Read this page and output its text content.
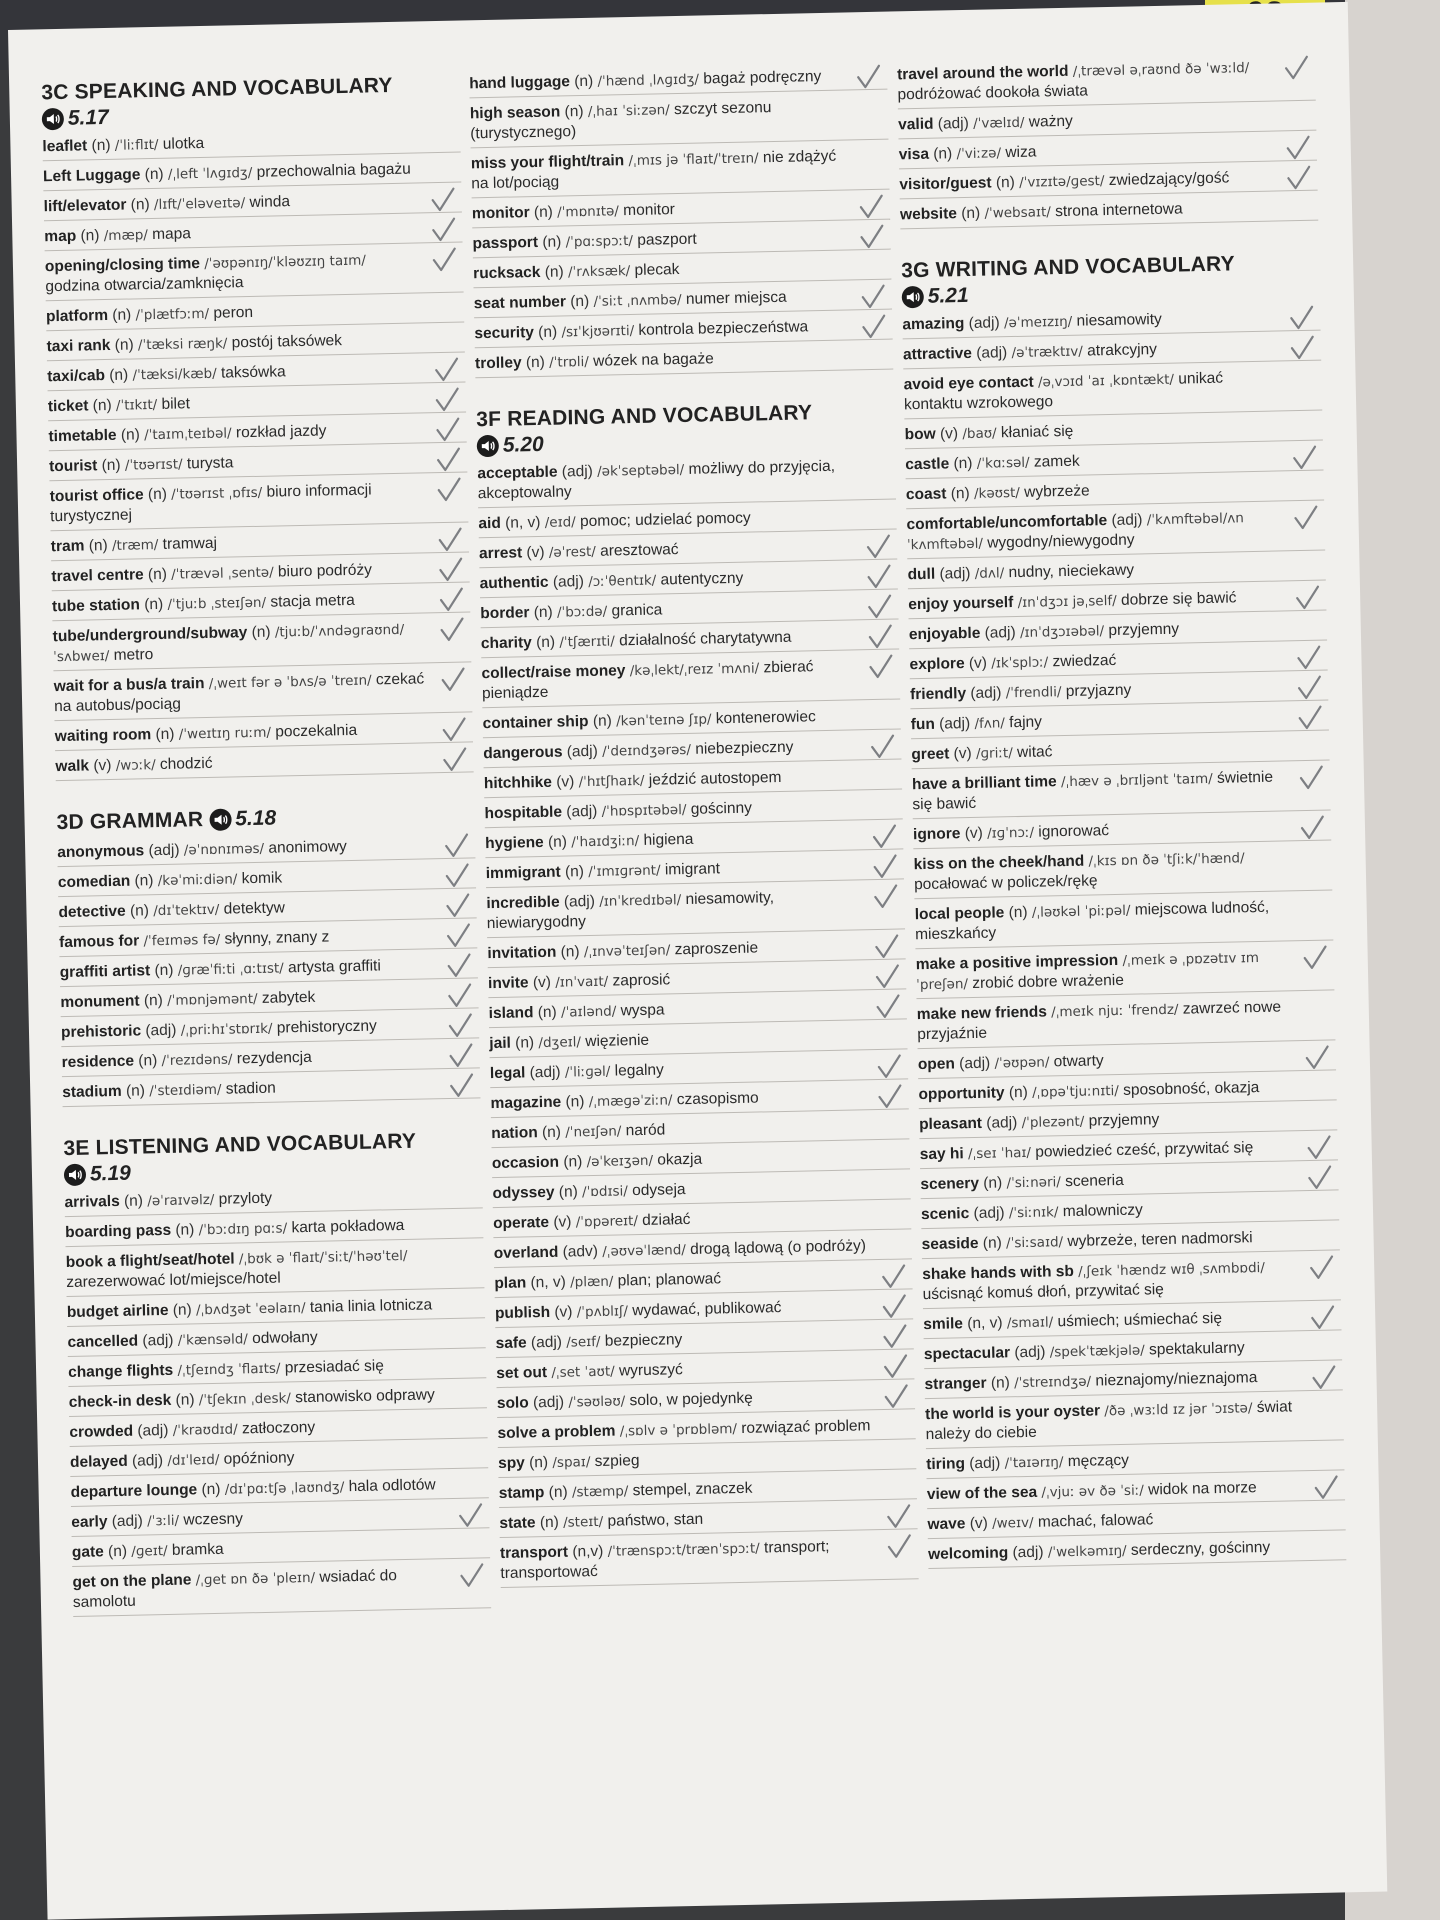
3C SPEAKING AND VOCABULARY
5.17
leaflet (n) /ˈliːflɪt/ ulotka
Left Luggage (n) /ˌleft ˈlʌɡɪdʒ/ przechowalnia bagażu
lift/elevator (n) /lɪft/ˈeləveɪtə/ winda
map (n) /mæp/ mapa
opening/closing time /ˈəʊpənɪŋ/ˈkləʊzɪŋ taɪm/ godzina otwarcia/zamknięcia
platform (n) /ˈplætfɔːm/ peron
taxi rank (n) /ˈtæksi ræŋk/ postój taksówek
taxi/cab (n) /ˈtæksi/kæb/ taksówka
ticket (n) /ˈtɪkɪt/ bilet
timetable (n) /ˈtaɪmˌteɪbəl/ rozkład jazdy
tourist (n) /ˈtʊərɪst/ turysta
tourist office (n) /ˈtʊərɪst ˌɒfɪs/ biuro informacji turystycznej
tram (n) /træm/ tramwaj
travel centre (n) /ˈtrævəl ˌsentə/ biuro podróży
tube station (n) /ˈtjuːb ˌsteɪʃən/ stacja metra
tube/underground/subway (n) /tjuːb/ˈʌndəɡraʊnd/ˈsʌbweɪ/ metro
wait for a bus/a train /ˌweɪt fər ə ˈbʌs/ə ˈtreɪn/ czekać na autobus/pociąg
waiting room (n) /ˈweɪtɪŋ ruːm/ poczekalnia
walk (v) /wɔːk/ chodzić
3D GRAMMAR 5.18
anonymous (adj) /əˈnɒnɪməs/ anonimowy
comedian (n) /kəˈmiːdiən/ komik
detective (n) /dɪˈtektɪv/ detektyw
famous for /ˈfeɪməs fə/ słynny, znany z
graffiti artist (n) /ɡræˈfiːti ˌɑːtɪst/ artysta graffiti
monument (n) /ˈmɒnjəmənt/ zabytek
prehistoric (adj) /ˌpriːhɪˈstɒrɪk/ prehistoryczny
residence (n) /ˈrezɪdəns/ rezydencja
stadium (n) /ˈsteɪdiəm/ stadion
3E LISTENING AND VOCABULARY
5.19
arrivals (n) /əˈraɪvəlz/ przyloty
boarding pass (n) /ˈbɔːdɪŋ pɑːs/ karta pokładowa
book a flight/seat/hotel /ˌbʊk ə ˈflaɪt/ˈsiːt/ˈhəʊˈtel/ zarezerwować lot/miejsce/hotel
budget airline (n) /ˌbʌdʒət ˈeəlaɪn/ tania linia lotnicza
cancelled (adj) /ˈkænsəld/ odwołany
change flights /ˌtʃeɪndʒ ˈflaɪts/ przesiadać się
check-in desk (n) /ˈtʃekɪn ˌdesk/ stanowisko odprawy
crowded (adj) /ˈkraʊdɪd/ zatłoczony
delayed (adj) /dɪˈleɪd/ opóźniony
departure lounge (n) /dɪˈpɑːtʃə ˌlaʊndʒ/ hala odlotów
early (adj) /ˈɜːli/ wczesny
gate (n) /ɡeɪt/ bramka
get on the plane /ˌɡet ɒn ðə ˈpleɪn/ wsiadać do samolotu
hand luggage (n) /ˈhænd ˌlʌɡɪdʒ/ bagaż podręczny
high season (n) /ˌhaɪ ˈsiːzən/ szczyt sezonu (turystycznego)
miss your flight/train /ˌmɪs jə ˈflaɪt/ˈtreɪn/ nie zdążyć na lot/pociąg
monitor (n) /ˈmɒnɪtə/ monitor
passport (n) /ˈpɑːspɔːt/ paszport
rucksack (n) /ˈrʌksæk/ plecak
seat number (n) /ˈsiːt ˌnʌmbə/ numer miejsca
security (n) /sɪˈkjʊərɪti/ kontrola bezpieczeństwa
trolley (n) /ˈtrɒli/ wózek na bagaże
3F READING AND VOCABULARY
5.20
acceptable (adj) /əkˈseptəbəl/ możliwy do przyjęcia, akceptowalny
aid (n, v) /eɪd/ pomoc; udzielać pomocy
arrest (v) /əˈrest/ aresztować
authentic (adj) /ɔːˈθentɪk/ autentyczny
border (n) /ˈbɔːdə/ granica
charity (n) /ˈtʃærɪti/ działalność charytatywna
collect/raise money /kəˌlekt/ˌreɪz ˈmʌni/ zbierać pieniądze
container ship (n) /kənˈteɪnə ʃɪp/ kontenerowiec
dangerous (adj) /ˈdeɪndʒərəs/ niebezpieczny
hitchhike (v) /ˈhɪtʃhaɪk/ jeździć autostopem
hospitable (adj) /ˈhɒspɪtəbəl/ gościnny
hygiene (n) /ˈhaɪdʒiːn/ higiena
immigrant (n) /ˈɪmɪɡrənt/ imigrant
incredible (adj) /ɪnˈkredɪbəl/ niesamowity, niewiarygodny
invitation (n) /ˌɪnvəˈteɪʃən/ zaproszenie
invite (v) /ɪnˈvaɪt/ zaprosić
island (n) /ˈaɪlənd/ wyspa
jail (n) /dʒeɪl/ więzienie
legal (adj) /ˈliːɡəl/ legalny
magazine (n) /ˌmæɡəˈziːn/ czasopismo
nation (n) /ˈneɪʃən/ naród
occasion (n) /əˈkeɪʒən/ okazja
odyssey (n) /ˈɒdɪsi/ odyseja
operate (v) /ˈɒpəreɪt/ działać
overland (adv) /ˌəʊvəˈlænd/ drogą lądową (o podróży)
plan (n, v) /plæn/ plan; planować
publish (v) /ˈpʌblɪʃ/ wydawać, publikować
safe (adj) /seɪf/ bezpieczny
set out /ˌset ˈaʊt/ wyruszyć
solo (adj) /ˈsəʊləʊ/ solo, w pojedynkę
solve a problem /ˌsɒlv ə ˈprɒbləm/ rozwiązać problem
spy (n) /spaɪ/ szpieg
stamp (n) /stæmp/ stempel, znaczek
state (n) /steɪt/ państwo, stan
transport (n,v) /ˈtrænspɔːt/trænˈspɔːt/ transport; transportować
travel around the world /ˌtrævəl əˌraʊnd ðə ˈwɜːld/ podróżować dookoła świata
valid (adj) /ˈvælɪd/ ważny
visa (n) /ˈviːzə/ wiza
visitor/guest (n) /ˈvɪzɪtə/ɡest/ zwiedzający/gość
website (n) /ˈwebsaɪt/ strona internetowa
3G WRITING AND VOCABULARY
5.21
amazing (adj) /əˈmeɪzɪŋ/ niesamowity
attractive (adj) /əˈtræktɪv/ atrakcyjny
avoid eye contact /əˌvɔɪd ˈaɪ ˌkɒntækt/ unikać kontaktu wzrokowego
bow (v) /baʊ/ kłaniać się
castle (n) /ˈkɑːsəl/ zamek
coast (n) /kəʊst/ wybrzeże
comfortable/uncomfortable (adj) /ˈkʌmftəbəl/ʌnˈkʌmftəbəl/ wygodny/niewygodny
dull (adj) /dʌl/ nudny, nieciekawy
enjoy yourself /ɪnˈdʒɔɪ jəˌself/ dobrze się bawić
enjoyable (adj) /ɪnˈdʒɔɪəbəl/ przyjemny
explore (v) /ɪkˈsplɔː/ zwiedzać
friendly (adj) /ˈfrendli/ przyjazny
fun (adj) /fʌn/ fajny
greet (v) /ɡriːt/ witać
have a brilliant time /ˌhæv ə ˌbrɪljənt ˈtaɪm/ świetnie się bawić
ignore (v) /ɪɡˈnɔː/ ignorować
kiss on the cheek/hand /ˌkɪs ɒn ðə ˈtʃiːk/ˈhænd/ pocałować w policzek/rękę
local people (n) /ˌləʊkəl ˈpiːpəl/ miejscowa ludność, mieszkańcy
make a positive impression /ˌmeɪk ə ˌpɒzətɪv ɪmˈpreʃən/ zrobić dobre wrażenie
make new friends /ˌmeɪk njuː ˈfrendz/ zawrzeć nowe przyjaźnie
open (adj) /ˈəʊpən/ otwarty
opportunity (n) /ˌɒpəˈtjuːnɪti/ sposobność, okazja
pleasant (adj) /ˈplezənt/ przyjemny
say hi /ˌseɪ ˈhaɪ/ powiedzieć cześć, przywitać się
scenery (n) /ˈsiːnəri/ sceneria
scenic (adj) /ˈsiːnɪk/ malowniczy
seaside (n) /ˈsiːsaɪd/ wybrzeże, teren nadmorski
shake hands with sb /ˌʃeɪk ˈhændz wɪθ ˌsʌmbɒdi/ uścisnąć komuś dłoń, przywitać się
smile (n, v) /smaɪl/ uśmiech; uśmiechać się
spectacular (adj) /spekˈtækjələ/ spektakularny
stranger (n) /ˈstreɪndʒə/ nieznajomy/nieznajoma
the world is your oyster /ðə ˌwɜːld ɪz jər ˈɔɪstə/ świat należy do ciebie
tiring (adj) /ˈtaɪərɪŋ/ męczący
view of the sea /ˌvjuː əv ðə ˈsiː/ widok na morze
wave (v) /weɪv/ machać, falować
welcoming (adj) /ˈwelkəmɪŋ/ serdeczny, gościnny
